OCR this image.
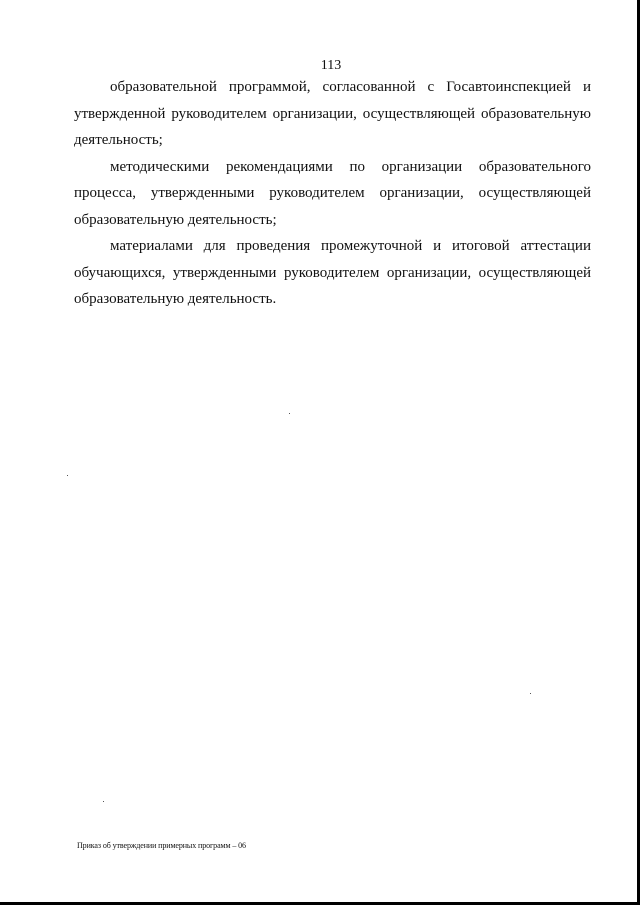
113

образовательной программой, согласованной с Госавтоинспекцией и утвержденной руководителем организации, осуществляющей образовательную деятельность;

методическими рекомендациями по организации образовательного процесса, утвержденными руководителем организации, осуществляющей образовательную деятельность;

материалами для проведения промежуточной и итоговой аттестации обучающихся, утвержденными руководителем организации, осуществляющей образовательную деятельность.

Приказ об утверждении примерных программ – 06
